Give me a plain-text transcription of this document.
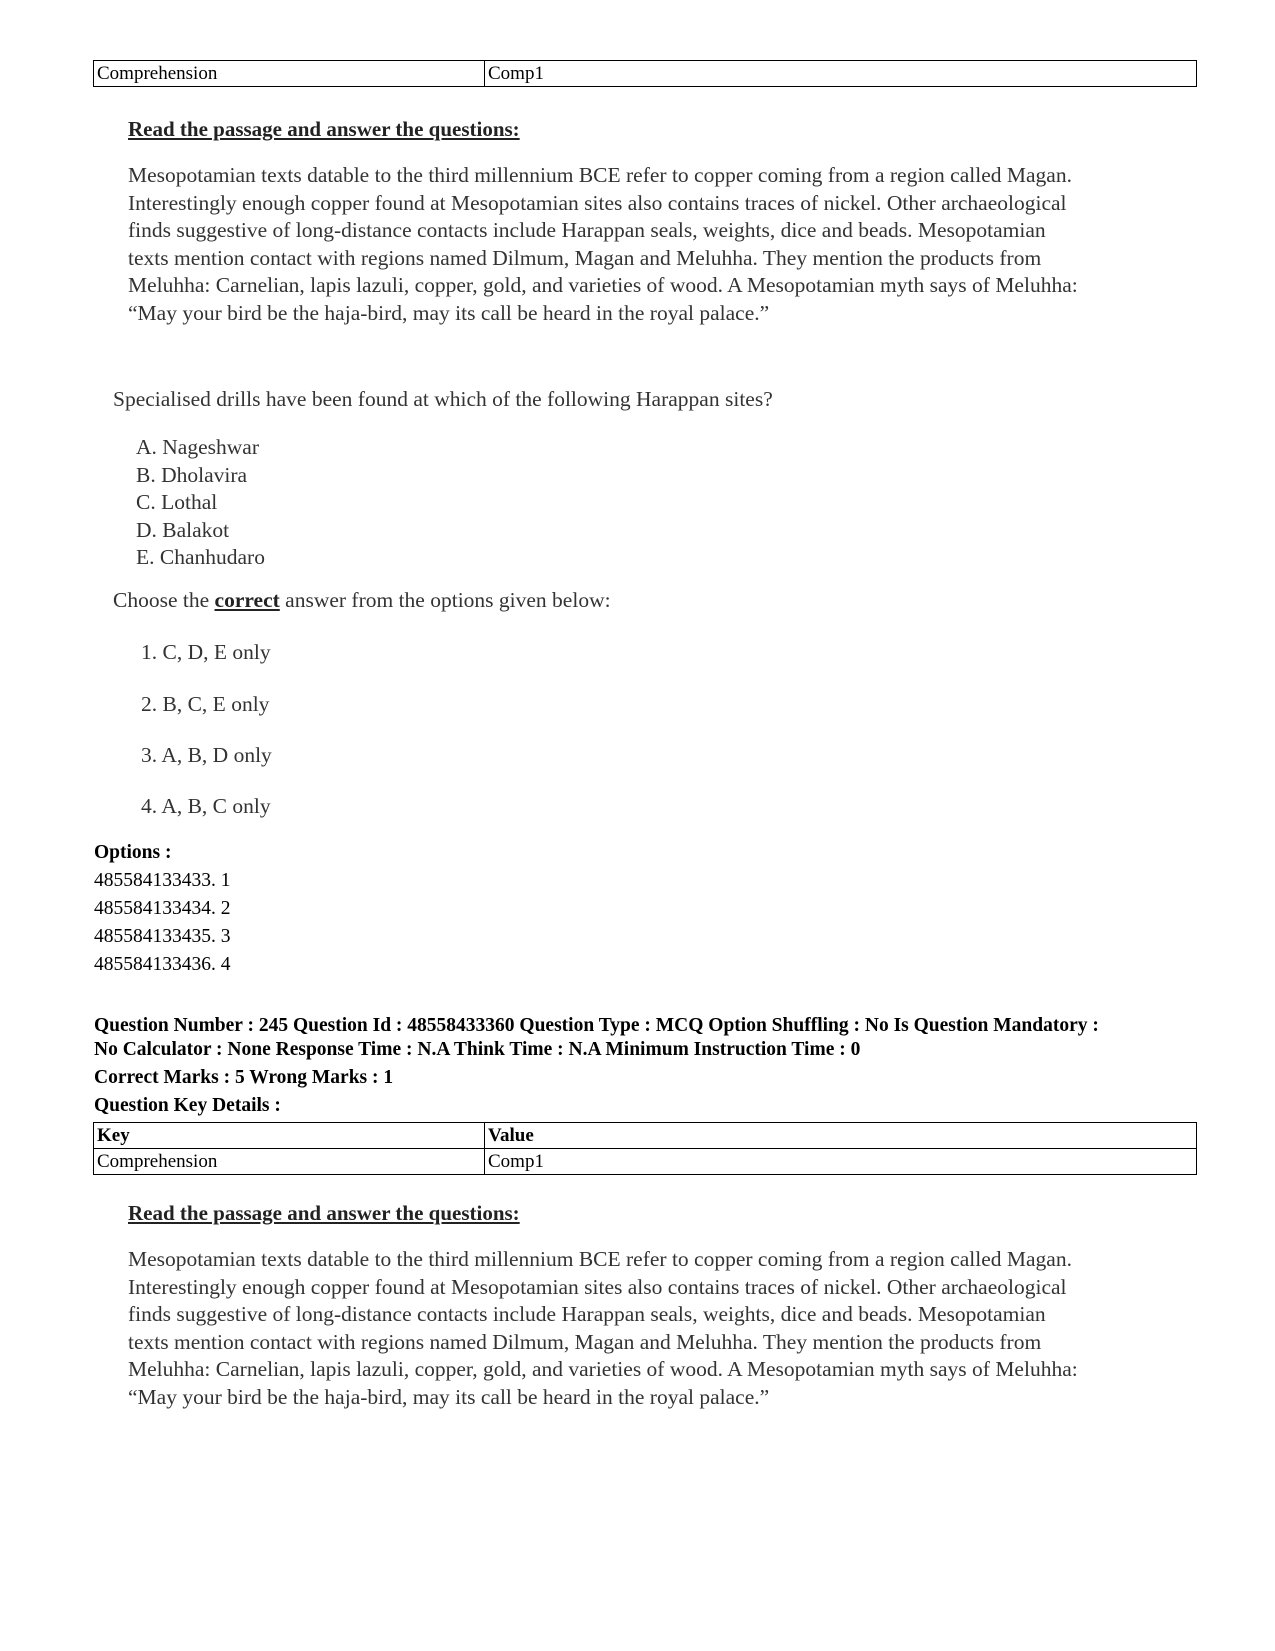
Comprehension	Comp1
Read the passage and answer the questions:
Mesopotamian texts datable to the third millennium BCE refer to copper coming from a region called Magan.
Interestingly enough copper found at Mesopotamian sites also contains traces of nickel. Other archaeological
finds suggestive of long-distance contacts include Harappan seals, weights, dice and beads. Mesopotamian
texts mention contact with regions named Dilmum, Magan and Meluhha. They mention the products from
Meluhha: Carnelian, lapis lazuli, copper, gold, and varieties of wood. A Mesopotamian myth says of Meluhha:
“May your bird be the haja-bird, may its call be heard in the royal palace.”
Specialised drills have been found at which of the following Harappan sites?
A. Nageshwar
B. Dholavira
C. Lothal
D. Balakot
E. Chanhudaro
Choose the correct answer from the options given below:
1. C, D, E only
2. B, C, E only
3. A, B, D only
4. A, B, C only
Options :
485584133433. 1
485584133434. 2
485584133435. 3
485584133436. 4
Question Number : 245 Question Id : 48558433360 Question Type : MCQ Option Shuffling : No Is Question Mandatory :
No Calculator : None Response Time : N.A Think Time : N.A Minimum Instruction Time : 0
Correct Marks : 5 Wrong Marks : 1
Question Key Details :
Key	Value
Comprehension	Comp1
Read the passage and answer the questions:
Mesopotamian texts datable to the third millennium BCE refer to copper coming from a region called Magan.
Interestingly enough copper found at Mesopotamian sites also contains traces of nickel. Other archaeological
finds suggestive of long-distance contacts include Harappan seals, weights, dice and beads. Mesopotamian
texts mention contact with regions named Dilmum, Magan and Meluhha. They mention the products from
Meluhha: Carnelian, lapis lazuli, copper, gold, and varieties of wood. A Mesopotamian myth says of Meluhha:
“May your bird be the haja-bird, may its call be heard in the royal palace.”
